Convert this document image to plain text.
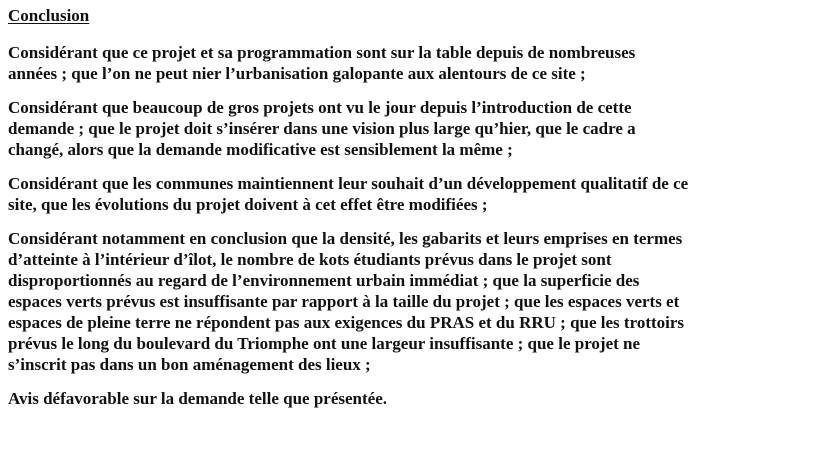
Conclusion
Considérant que ce projet et sa programmation sont sur la table depuis de nombreuses
années ; que l’on ne peut nier l’urbanisation galopante aux alentours de ce site ;
Considérant que beaucoup de gros projets ont vu le jour depuis l’introduction de cette
demande ; que le projet doit s’insérer dans une vision plus large qu’hier, que le cadre a
changé, alors que la demande modificative est sensiblement la même ;
Considérant que les communes maintiennent leur souhait d’un développement qualitatif de ce
site, que les évolutions du projet doivent à cet effet être modifiées ;
Considérant notamment en conclusion que la densité, les gabarits et leurs emprises en termes
d’atteinte à l’intérieur d’îlot, le nombre de kots étudiants prévus dans le projet sont
disproportionnés au regard de l’environnement urbain immédiat ; que la superficie des
espaces verts prévus est insuffisante par rapport à la taille du projet ; que les espaces verts et
espaces de pleine terre ne répondent pas aux exigences du PRAS et du RRU ; que les trottoirs
prévus le long du boulevard du Triomphe ont une largeur insuffisante ; que le projet ne
s’inscrit pas dans un bon aménagement des lieux ;
Avis défavorable sur la demande telle que présentée.
